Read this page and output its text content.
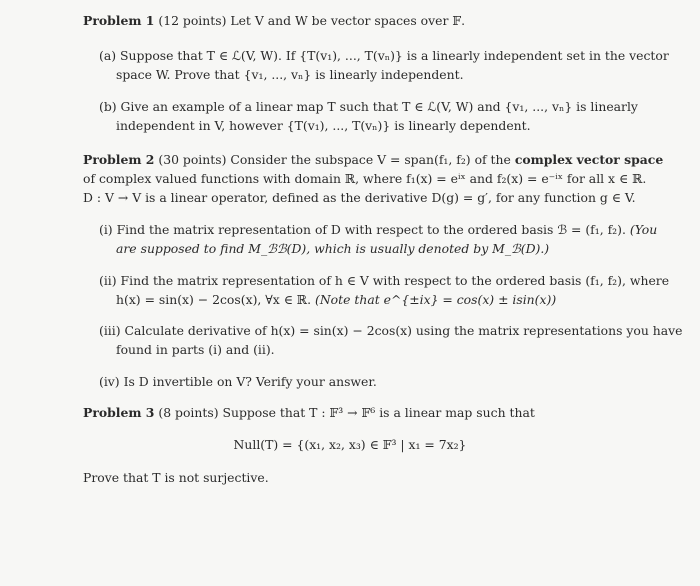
Problem 1 (12 points) Let V and W be vector spaces over 𝔽.
(a) Suppose that T ∈ ℒ(V, W). If {T(v₁), ..., T(vₙ)} is a linearly independent set in the vector
space W. Prove that {v₁, ..., vₙ} is linearly independent.
(b) Give an example of a linear map T such that T ∈ ℒ(V, W) and {v₁, ..., vₙ} is linearly
independent in V, however {T(v₁), ..., T(vₙ)} is linearly dependent.
Problem 2 (30 points) Consider the subspace V = span(f₁, f₂) of the complex vector space
of complex valued functions with domain ℝ, where f₁(x) = eⁱˣ and f₂(x) = e⁻ⁱˣ for all x ∈ ℝ.
D : V → V is a linear operator, defined as the derivative D(g) = g′, for any function g ∈ V.
(i) Find the matrix representation of D with respect to the ordered basis ℬ = (f₁, f₂). (You
are supposed to find M_ℬℬ(D), which is usually denoted by M_ℬ(D).)
(ii) Find the matrix representation of h ∈ V with respect to the ordered basis (f₁, f₂), where
h(x) = sin(x) − 2cos(x), ∀x ∈ ℝ. (Note that e^{±ix} = cos(x) ± isin(x))
(iii) Calculate derivative of h(x) = sin(x) − 2cos(x) using the matrix representations you have
found in parts (i) and (ii).
(iv) Is D invertible on V? Verify your answer.
Problem 3 (8 points) Suppose that T : 𝔽³ → 𝔽⁶ is a linear map such that
Null(T) = {(x₁, x₂, x₃) ∈ 𝔽³ | x₁ = 7x₂}
Prove that T is not surjective.
